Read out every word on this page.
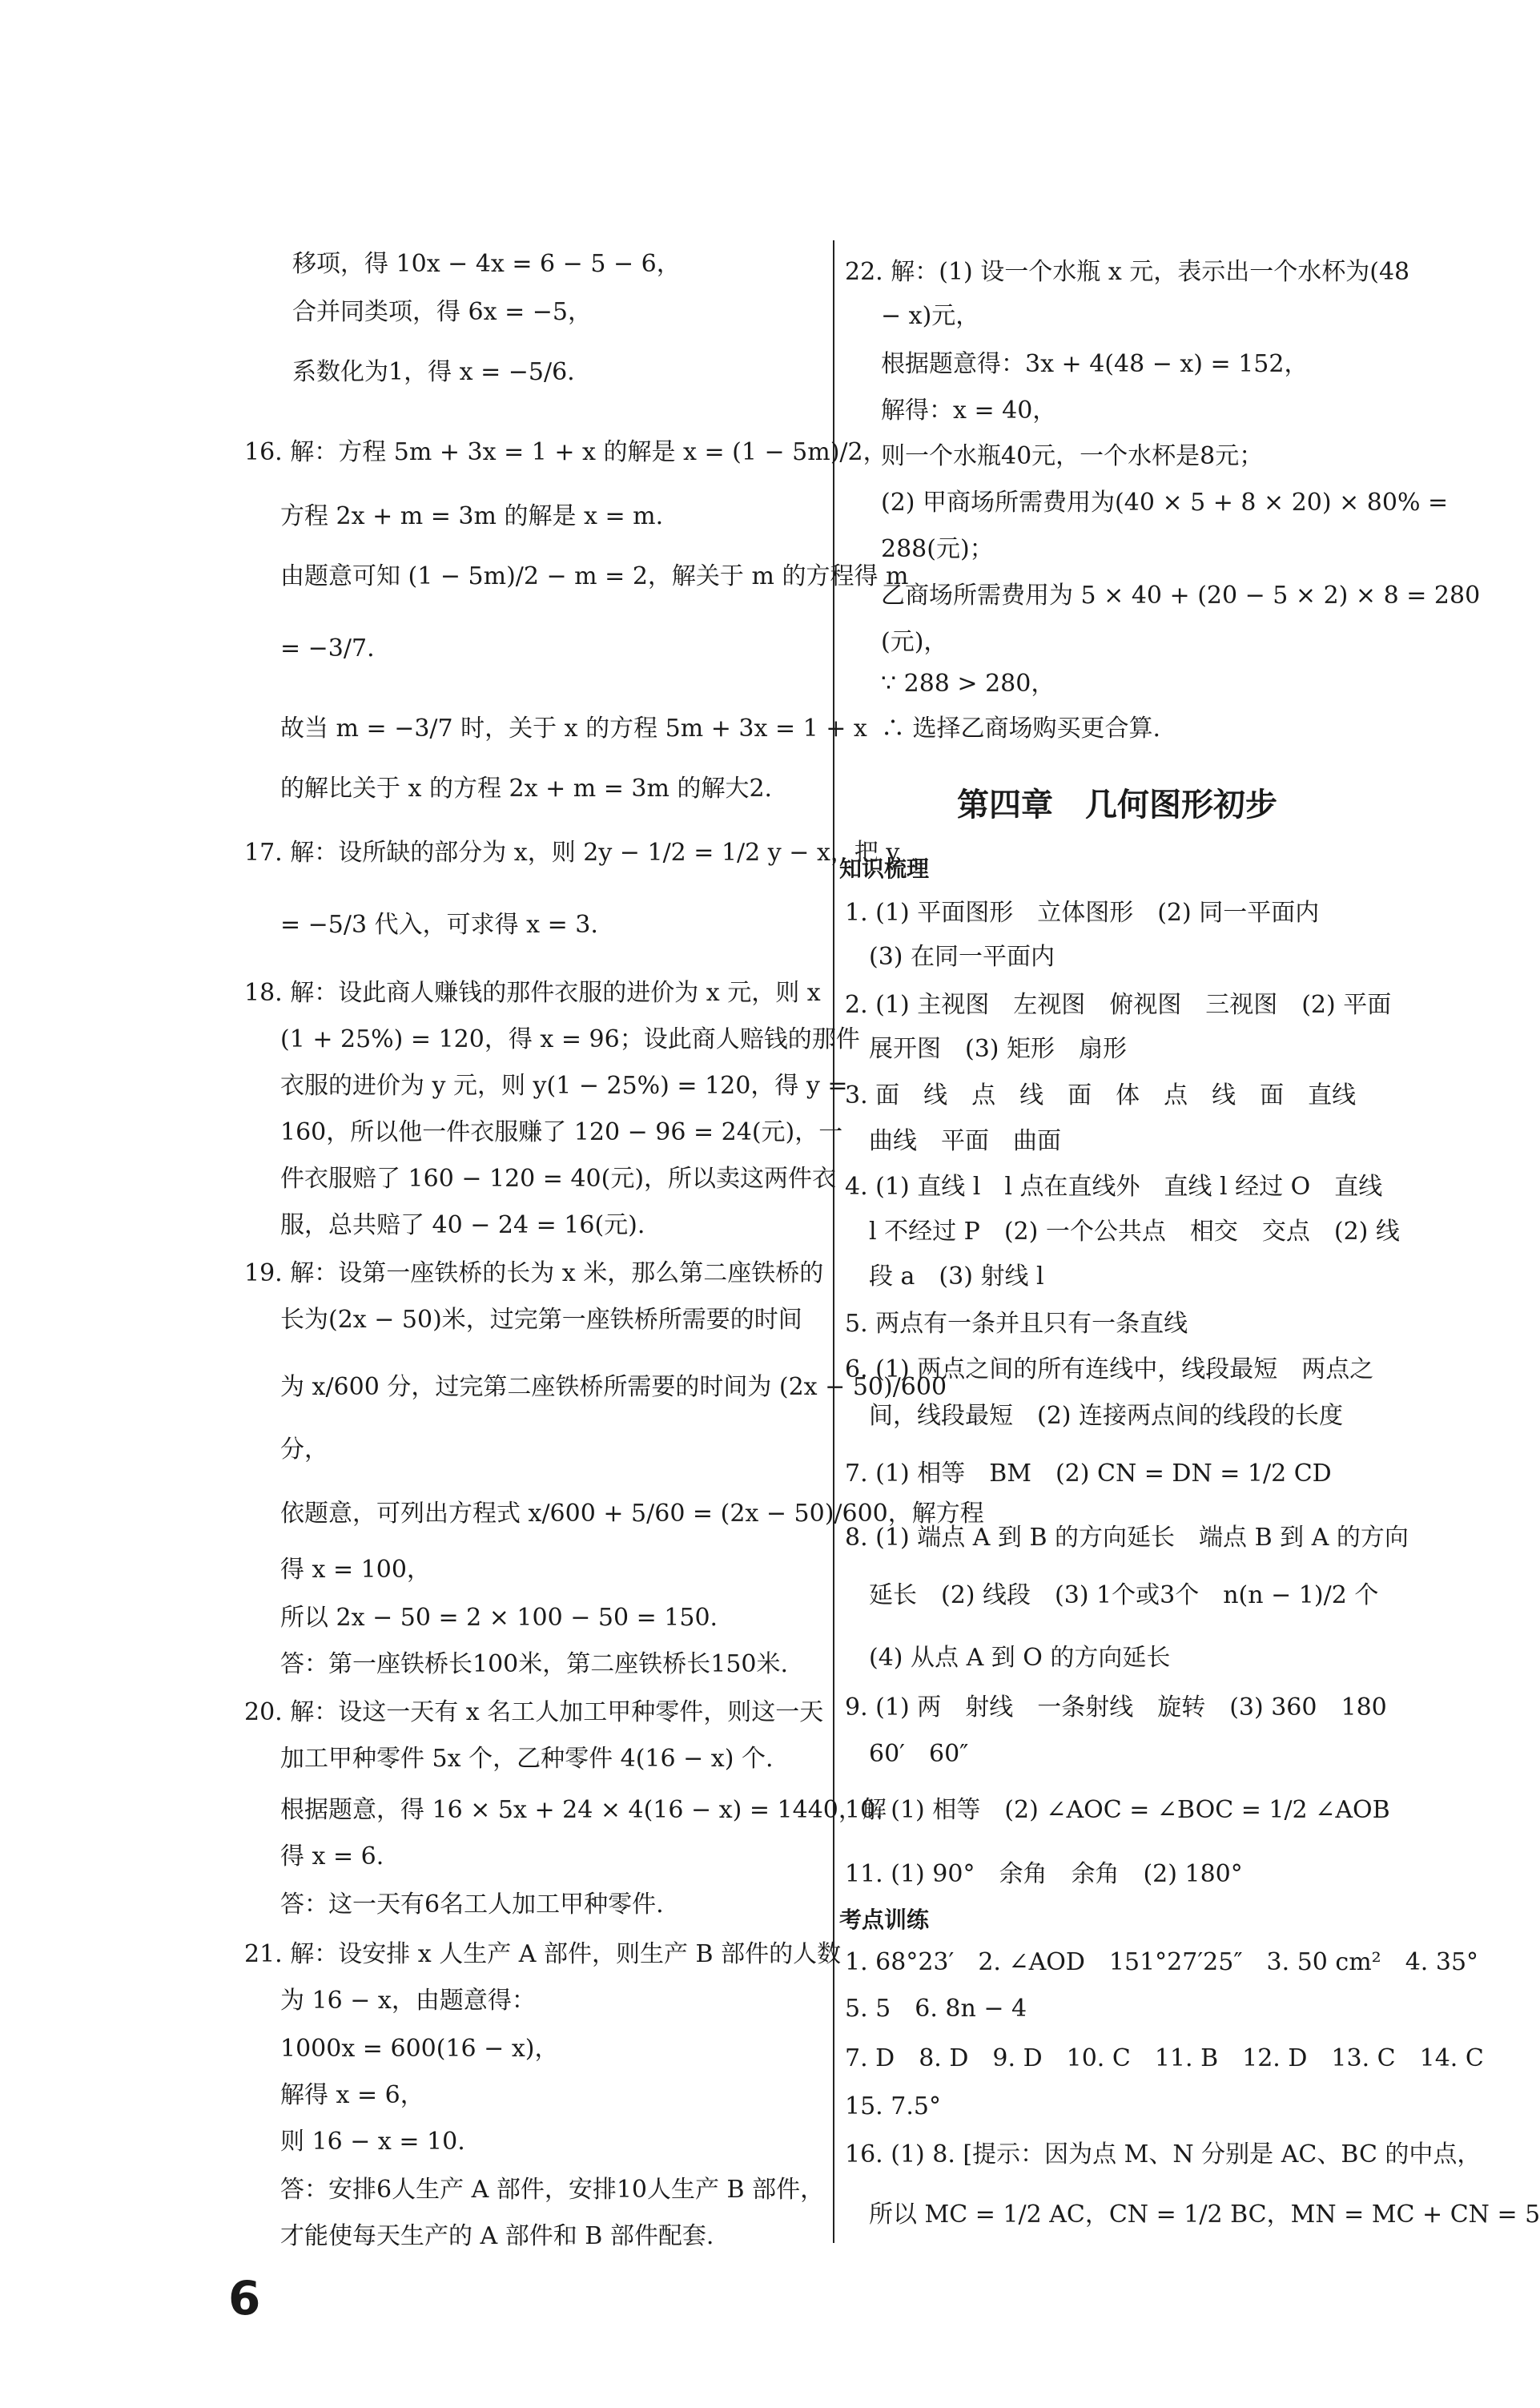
移项，得 10x − 4x = 6 − 5 − 6，
合并同类项，得 6x = −5，
系数化为1，得 x = −5/6.
16. 解：方程 5m + 3x = 1 + x 的解是 x = (1 − 5m)/2，
方程 2x + m = 3m 的解是 x = m.
由题意可知 (1 − 5m)/2 − m = 2，解关于 m 的方程得 m
= −3/7.
故当 m = −3/7 时，关于 x 的方程 5m + 3x = 1 + x
的解比关于 x 的方程 2x + m = 3m 的解大2.
17. 解：设所缺的部分为 x，则 2y − 1/2 = 1/2 y − x，把 y
= −5/3 代入，可求得 x = 3.
18. 解：设此商人赚钱的那件衣服的进价为 x 元，则 x
(1 + 25%) = 120，得 x = 96；设此商人赔钱的那件
衣服的进价为 y 元，则 y(1 − 25%) = 120，得 y =
160，所以他一件衣服赚了 120 − 96 = 24(元)，一
件衣服赔了 160 − 120 = 40(元)，所以卖这两件衣
服，总共赔了 40 − 24 = 16(元).
19. 解：设第一座铁桥的长为 x 米，那么第二座铁桥的
长为(2x − 50)米，过完第一座铁桥所需要的时间
为 x/600 分，过完第二座铁桥所需要的时间为 (2x − 50)/600
分，
依题意，可列出方程式 x/600 + 5/60 = (2x − 50)/600，解方程
得 x = 100，
所以 2x − 50 = 2 × 100 − 50 = 150.
答：第一座铁桥长100米，第二座铁桥长150米.
20. 解：设这一天有 x 名工人加工甲种零件，则这一天
加工甲种零件 5x 个，乙种零件 4(16 − x) 个.
根据题意，得 16 × 5x + 24 × 4(16 − x) = 1440，解
得 x = 6.
答：这一天有6名工人加工甲种零件.
21. 解：设安排 x 人生产 A 部件，则生产 B 部件的人数
为 16 − x，由题意得：
1000x = 600(16 − x)，
解得 x = 6，
则 16 − x = 10.
答：安排6人生产 A 部件，安排10人生产 B 部件，
才能使每天生产的 A 部件和 B 部件配套.
22. 解：(1) 设一个水瓶 x 元，表示出一个水杯为(48
− x)元，
根据题意得：3x + 4(48 − x) = 152，
解得：x = 40，
则一个水瓶40元，一个水杯是8元；
(2) 甲商场所需费用为(40 × 5 + 8 × 20) × 80% =
288(元)；
乙商场所需费用为 5 × 40 + (20 − 5 × 2) × 8 = 280
(元)，
∵ 288 > 280，
∴ 选择乙商场购买更合算.
第四章　几何图形初步
知识梳理
1. (1) 平面图形　立体图形　(2) 同一平面内
(3) 在同一平面内
2. (1) 主视图　左视图　俯视图　三视图　(2) 平面
展开图　(3) 矩形　扇形
3. 面　线　点　线　面　体　点　线　面　直线
曲线　平面　曲面
4. (1) 直线 l　l 点在直线外　直线 l 经过 O　直线
l 不经过 P　(2) 一个公共点　相交　交点　(2) 线
段 a　(3) 射线 l
5. 两点有一条并且只有一条直线
6. (1) 两点之间的所有连线中，线段最短　两点之
间，线段最短　(2) 连接两点间的线段的长度
7. (1) 相等　BM　(2) CN = DN = 1/2 CD
8. (1) 端点 A 到 B 的方向延长　端点 B 到 A 的方向
延长　(2) 线段　(3) 1个或3个　n(n − 1)/2 个
(4) 从点 A 到 O 的方向延长
9. (1) 两　射线　一条射线　旋转　(3) 360　180
60′　60″
10. (1) 相等　(2) ∠AOC = ∠BOC = 1/2 ∠AOB
11. (1) 90°　余角　余角　(2) 180°
考点训练
1. 68°23′　2. ∠AOD　151°27′25″　3. 50 cm²　4. 35°
5. 5　6. 8n − 4
7. D　8. D　9. D　10. C　11. B　12. D　13. C　14. C
15. 7.5°
16. (1) 8. [提示：因为点 M、N 分别是 AC、BC 的中点，
所以 MC = 1/2 AC，CN = 1/2 BC，MN = MC + CN = 5
6
